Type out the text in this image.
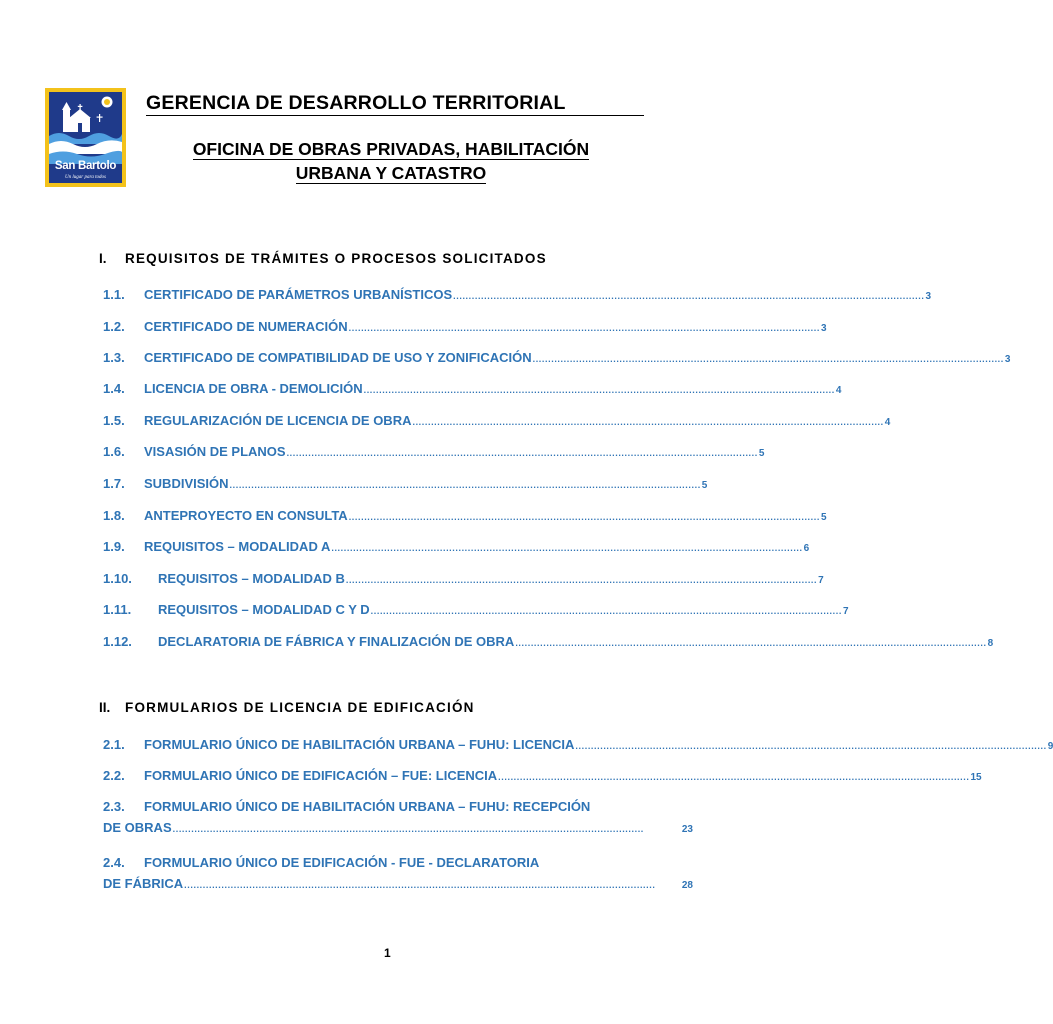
San Bartolo
Un lugar para todos
GERENCIA DE DESARROLLO TERRITORIAL
OFICINA DE OBRAS PRIVADAS, HABILITACIÓN
URBANA Y CATASTRO
I. REQUISITOS DE TRÁMITES O PROCESOS SOLICITADOS
1.1.	CERTIFICADO DE PARÁMETROS URBANÍSTICOS ........................................................................................................................................................ 3
1.2.	CERTIFICADO DE NUMERACIÓN ........................................................................................................................................................ 3
1.3.	CERTIFICADO DE COMPATIBILIDAD DE USO Y ZONIFICACIÓN ........................................................................................................................................................ 3
1.4.	LICENCIA DE OBRA - DEMOLICIÓN ........................................................................................................................................................ 4
1.5.	REGULARIZACIÓN DE LICENCIA DE OBRA ........................................................................................................................................................ 4
1.6.	VISASIÓN DE PLANOS ........................................................................................................................................................ 5
1.7.	SUBDIVISIÓN ........................................................................................................................................................ 5
1.8.	ANTEPROYECTO EN CONSULTA ........................................................................................................................................................ 5
1.9.	REQUISITOS – MODALIDAD A ........................................................................................................................................................ 6
1.10.	REQUISITOS – MODALIDAD B ........................................................................................................................................................ 7
1.11.	REQUISITOS – MODALIDAD C Y D ........................................................................................................................................................ 7
1.12.	DECLARATORIA DE FÁBRICA Y FINALIZACIÓN DE OBRA ........................................................................................................................................................ 8
II. FORMULARIOS DE LICENCIA DE EDIFICACIÓN
2.1.	FORMULARIO ÚNICO DE HABILITACIÓN URBANA – FUHU: LICENCIA ........................................................................................................................................................ 9
2.2.	FORMULARIO ÚNICO DE EDIFICACIÓN – FUE: LICENCIA ........................................................................................................................................................ 15
2.3.	FORMULARIO ÚNICO DE HABILITACIÓN URBANA – FUHU: RECEPCIÓN
DE OBRAS ........................................................................................................................................................	23
2.4.	FORMULARIO ÚNICO DE EDIFICACIÓN - FUE - DECLARATORIA
DE FÁBRICA ........................................................................................................................................................	28
1
